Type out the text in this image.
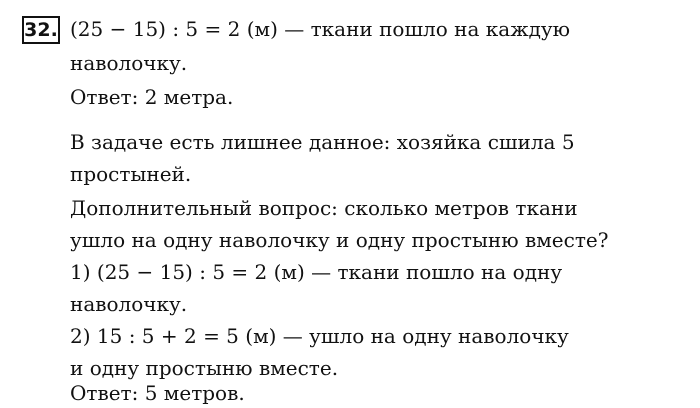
32. (25 − 15) : 5 = 2 (м) — ткани пошло на каждую
наволочку.
Ответ: 2 метра.
В задаче есть лишнее данное: хозяйка сшила 5
простыней.
Дополнительный вопрос: сколько метров ткани
ушло на одну наволочку и одну простыню вместе?
1) (25 − 15) : 5 = 2 (м) — ткани пошло на одну
наволочку.
2) 15 : 5 + 2 = 5 (м) — ушло на одну наволочку
и одну простыню вместе.
Ответ: 5 метров.
